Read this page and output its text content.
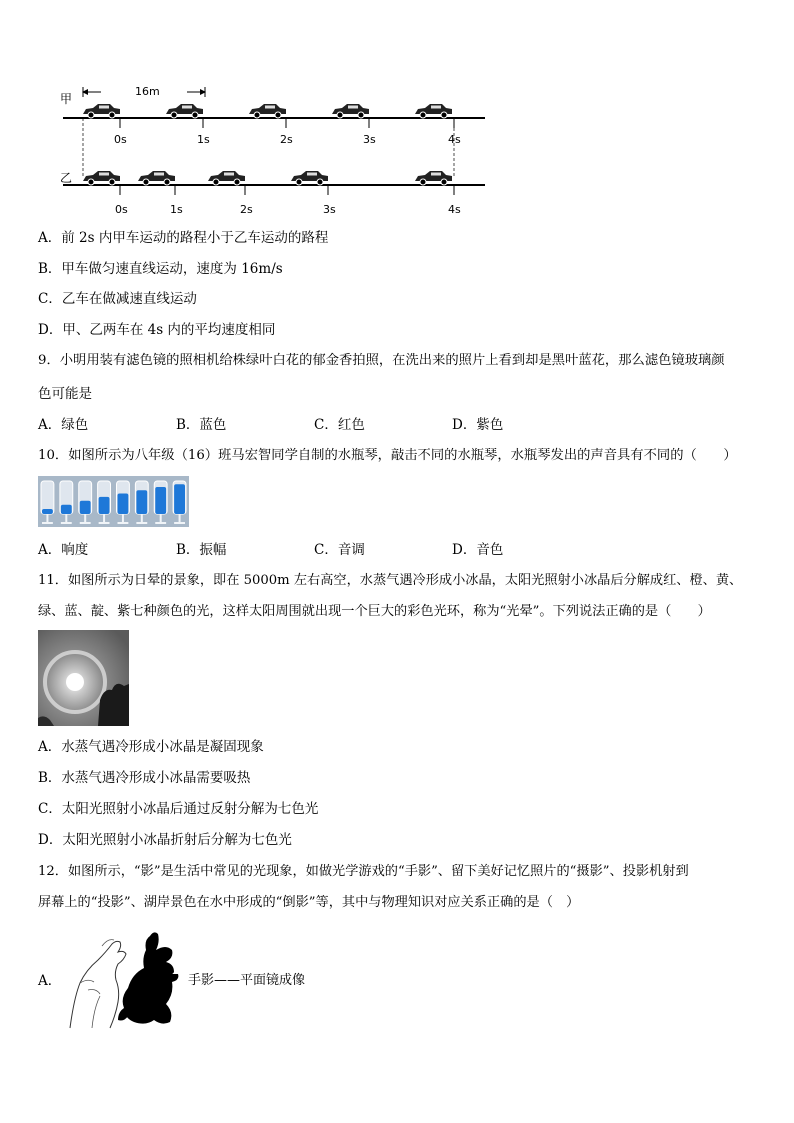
甲
乙
16m
0s	1s	2s	3s	4s
0s	1s	2s	3s	4s
A．前 2s 内甲车运动的路程小于乙车运动的路程
B．甲车做匀速直线运动，速度为 16m/s
C．乙车在做减速直线运动
D．甲、乙两车在 4s 内的平均速度相同
9．小明用装有滤色镜的照相机给株绿叶白花的郁金香拍照，在洗出来的照片上看到却是黑叶蓝花，那么滤色镜玻璃颜
色可能是
A．绿色	B．蓝色	C．红色	D．紫色
10．如图所示为八年级（16）班马宏智同学自制的水瓶琴，敲击不同的水瓶琴，水瓶琴发出的声音具有不同的（　　）
A．响度	B．振幅	C．音调	D．音色
11．如图所示为日晕的景象，即在 5000m 左右高空，水蒸气遇冷形成小冰晶，太阳光照射小冰晶后分解成红、橙、黄、
绿、蓝、靛、紫七种颜色的光，这样太阳周围就出现一个巨大的彩色光环，称为“光晕”。下列说法正确的是（　　）
A．水蒸气遇冷形成小冰晶是凝固现象
B．水蒸气遇冷形成小冰晶需要吸热
C．太阳光照射小冰晶后通过反射分解为七色光
D．太阳光照射小冰晶折射后分解为七色光
12．如图所示，“影”是生活中常见的光现象，如做光学游戏的“手影”、留下美好记忆照片的“摄影”、投影机射到
屏幕上的“投影”、湖岸景色在水中形成的“倒影”等，其中与物理知识对应关系正确的是（　）
A．	手影——平面镜成像
